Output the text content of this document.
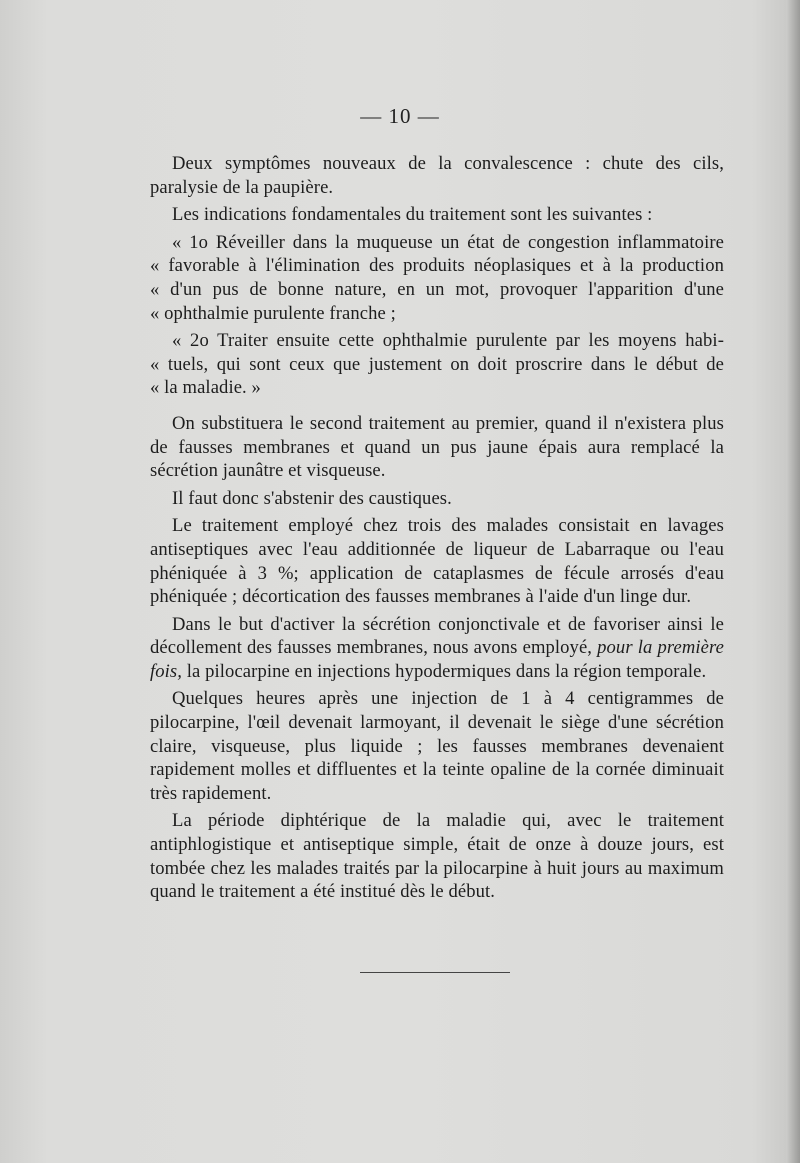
— 10 —

Deux symptômes nouveaux de la convalescence : chute des cils, paralysie de la paupière.

Les indications fondamentales du traitement sont les suivantes :

« 1o Réveiller dans la muqueuse un état de congestion inflammatoire

« favorable à l'élimination des produits néoplasiques et à la production
« d'un pus de bonne nature, en un mot, provoquer l'apparition d'une
« ophthalmie purulente franche ;

« 2o Traiter ensuite cette ophthalmie purulente par les moyens habi-

« tuels, qui sont ceux que justement on doit proscrire dans le début de
« la maladie. »

On substituera le second traitement au premier, quand il n'existera plus de fausses membranes et quand un pus jaune épais aura remplacé la sécrétion jaunâtre et visqueuse.

Il faut donc s'abstenir des caustiques.

Le traitement employé chez trois des malades consistait en lavages antiseptiques avec l'eau additionnée de liqueur de Labarraque ou l'eau phéniquée à 3 %; application de cataplasmes de fécule arrosés d'eau phéniquée ; décortication des fausses membranes à l'aide d'un linge dur.

Dans le but d'activer la sécrétion conjonctivale et de favoriser ainsi le décollement des fausses membranes, nous avons employé, pour la première fois, la pilocarpine en injections hypodermiques dans la région temporale.

Quelques heures après une injection de 1 à 4 centigrammes de pilocarpine, l'œil devenait larmoyant, il devenait le siège d'une sécrétion claire, visqueuse, plus liquide ; les fausses membranes devenaient rapidement molles et diffluentes et la teinte opaline de la cornée diminuait très rapidement.

La période diphtérique de la maladie qui, avec le traitement antiphlogistique et antiseptique simple, était de onze à douze jours, est tombée chez les malades traités par la pilocarpine à huit jours au maximum quand le traitement a été institué dès le début.
